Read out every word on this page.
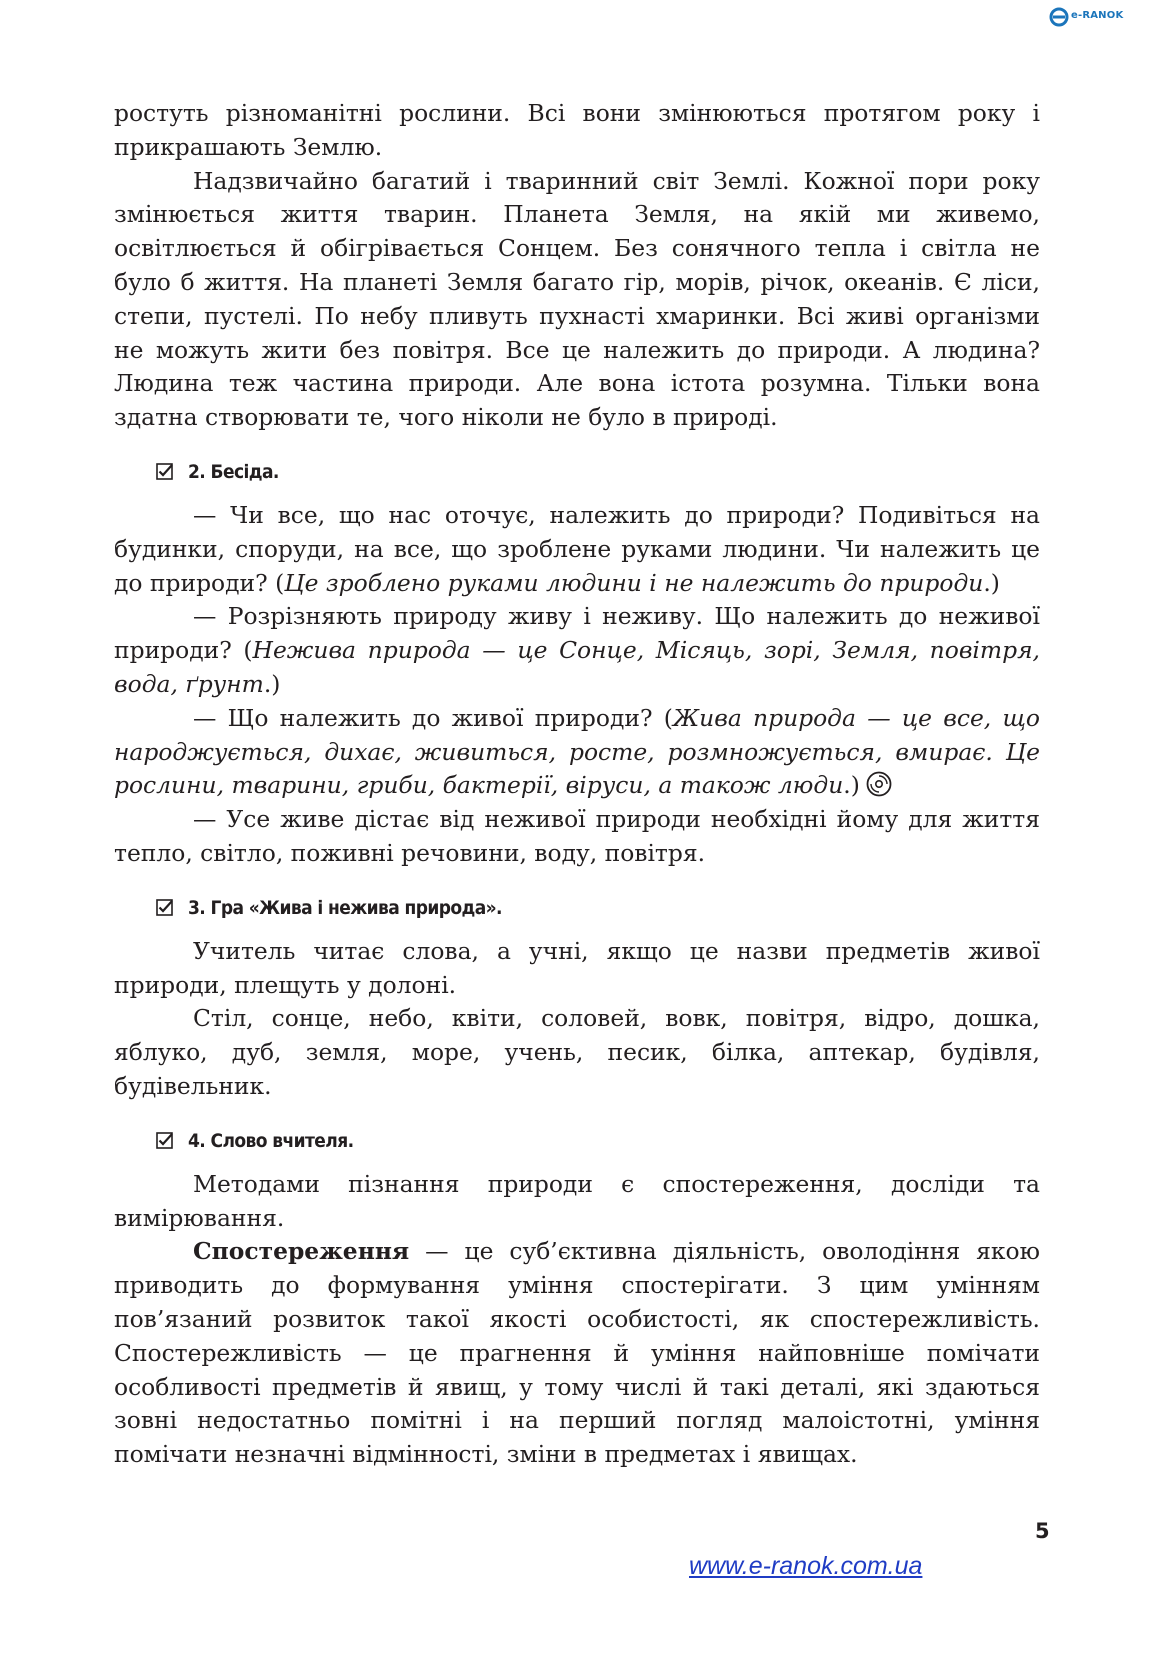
e-RANOK

ростуть різноманітні рослини. Всі вони змінюються протягом року і прикрашають Землю.

Надзвичайно багатий і тваринний світ Землі. Кожної пори року змінюється життя тварин. Планета Земля, на якій ми живемо, освітлюється й обігрівається Сонцем. Без сонячного тепла і світла не було б життя. На планеті Земля багато гір, морів, річок, океанів. Є ліси, степи, пустелі. По небу пливуть пухнасті хмаринки. Всі живі організми не можуть жити без повітря. Все це належить до природи. А людина? Людина теж частина природи. Але вона істота розумна. Тільки вона здатна створювати те, чого ніколи не було в природі.

2. Бесіда.

— Чи все, що нас оточує, належить до природи? Подивіться на будинки, споруди, на все, що зроблене руками людини. Чи належить це до природи? (Це зроблено руками людини і не належить до природи.)

— Розрізняють природу живу і неживу. Що належить до неживої природи? (Нежива природа — це Сонце, Місяць, зорі, Земля, повітря, вода, ґрунт.)

— Що належить до живої природи? (Жива природа — це все, що народжується, дихає, живиться, росте, розмножується, вмирає. Це рослини, тварини, гриби, бактерії, віруси, а також люди.)

— Усе живе дістає від неживої природи необхідні йому для життя тепло, світло, поживні речовини, воду, повітря.

3. Гра «Жива і нежива природа».

Учитель читає слова, а учні, якщо це назви предметів живої природи, плещуть у долоні.

Стіл, сонце, небо, квіти, соловей, вовк, повітря, відро, дошка, яблуко, дуб, земля, море, учень, песик, білка, аптекар, будівля, будівельник.

4. Слово вчителя.

Методами пізнання природи є спостереження, досліди та вимірювання.

Спостереження — це суб’єктивна діяльність, оволодіння якою приводить до формування уміння спостерігати. З цим умінням пов’язаний розвиток такої якості особистості, як спостережливість. Спостережливість — це прагнення й уміння найповніше помічати особливості предметів й явищ, у тому числі й такі деталі, які здаються зовні недостатньо помітні і на перший погляд малоістотні, уміння помічати незначні відмінності, зміни в предметах і явищах.

5
www.e-ranok.com.ua
